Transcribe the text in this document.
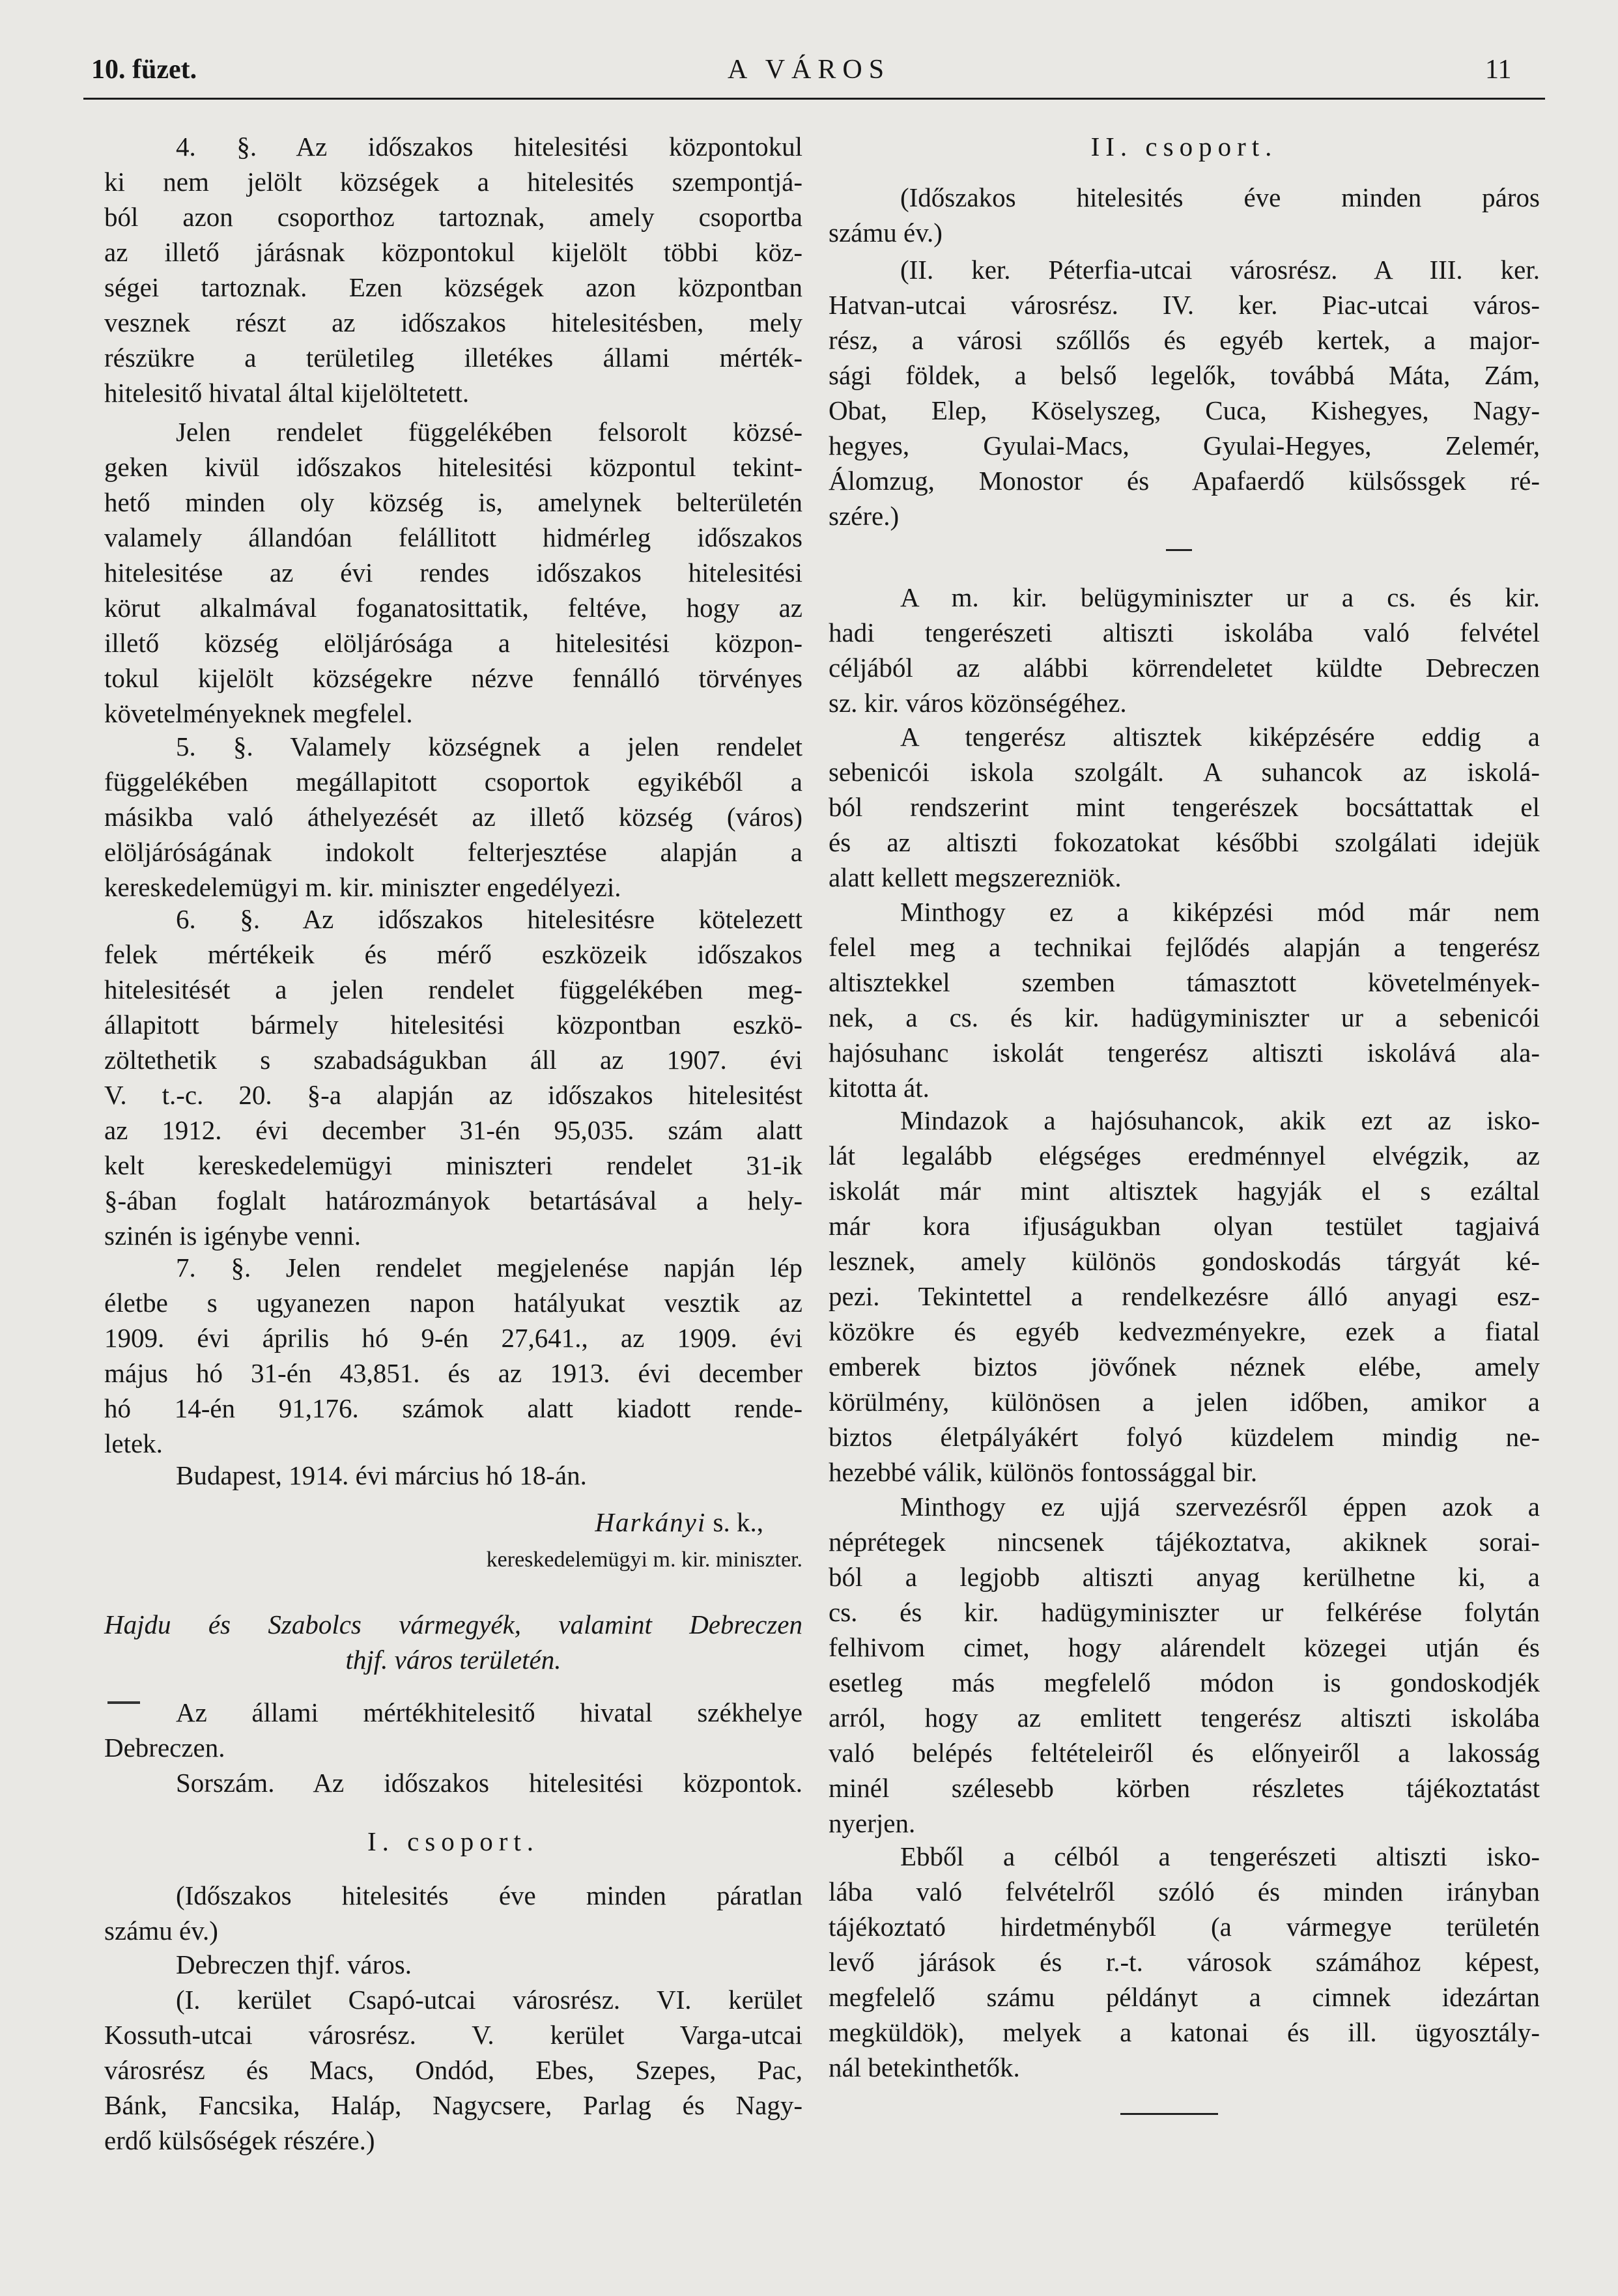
10. füzet.	A VÁROS	11
4. §. Az időszakos hitelesitési központokul
ki nem jelölt községek a hitelesités szempontjá-
ból azon csoporthoz tartoznak, amely csoportba
az illető járásnak központokul kijelölt többi köz-
ségei tartoznak. Ezen községek azon központban
vesznek részt az időszakos hitelesitésben, mely
részükre a területileg illetékes állami mérték-
hitelesitő hivatal által kijelöltetett.
Jelen rendelet függelékében felsorolt közsé-
geken kivül időszakos hitelesitési központul tekint-
hető minden oly község is, amelynek belterületén
valamely állandóan felállitott hidmérleg időszakos
hitelesitése az évi rendes időszakos hitelesitési
körut alkalmával foganatosittatik, feltéve, hogy az
illető község elöljárósága a hitelesitési közpon-
tokul kijelölt községekre nézve fennálló törvényes
követelményeknek megfelel.
5. §. Valamely községnek a jelen rendelet
függelékében megállapitott csoportok egyikéből a
másikba való áthelyezését az illető község (város)
elöljáróságának indokolt felterjesztése alapján a
kereskedelemügyi m. kir. miniszter engedélyezi.
6. §. Az időszakos hitelesitésre kötelezett
felek mértékeik és mérő eszközeik időszakos
hitelesitését a jelen rendelet függelékében meg-
állapitott bármely hitelesitési központban eszkö-
zöltethetik s szabadságukban áll az 1907. évi
V. t.-c. 20. §-a alapján az időszakos hitelesitést
az 1912. évi december 31-én 95,035. szám alatt
kelt kereskedelemügyi miniszteri rendelet 31-ik
§-ában foglalt határozmányok betartásával a hely-
szinén is igénybe venni.
7. §. Jelen rendelet megjelenése napján lép
életbe s ugyanezen napon hatályukat vesztik az
1909. évi április hó 9-én 27,641., az 1909. évi
május hó 31-én 43,851. és az 1913. évi december
hó 14-én 91,176. számok alatt kiadott rende-
letek.
Budapest, 1914. évi március hó 18-án.
Harkányi s. k.,
kereskedelemügyi m. kir. miniszter.
Hajdu és Szabolcs vármegyék, valamint Debreczen
thjf. város területén.
Az állami mértékhitelesitő hivatal székhelye
Debreczen.
Sorszám. Az időszakos hitelesitési központok.
I. csoport.
(Időszakos hitelesités éve minden páratlan
számu év.)
Debreczen thjf. város.
(I. kerület Csapó-utcai városrész. VI. kerület
Kossuth-utcai városrész. V. kerület Varga-utcai
városrész és Macs, Ondód, Ebes, Szepes, Pac,
Bánk, Fancsika, Haláp, Nagycsere, Parlag és Nagy-
erdő külsőségek részére.)
II. csoport.
(Időszakos hitelesités éve minden páros
számu év.)
(II. ker. Péterfia-utcai városrész. A III. ker.
Hatvan-utcai városrész. IV. ker. Piac-utcai város-
rész, a városi szőllős és egyéb kertek, a major-
sági földek, a belső legelők, továbbá Máta, Zám,
Obat, Elep, Köselyszeg, Cuca, Kishegyes, Nagy-
hegyes, Gyulai-Macs, Gyulai-Hegyes, Zelemér,
Álomzug, Monostor és Apafaerdő külsőssgek ré-
szére.)
A m. kir. belügyminiszter ur a cs. és kir.
hadi tengerészeti altiszti iskolába való felvétel
céljából az alábbi körrendeletet küldte Debreczen
sz. kir. város közönségéhez.
A tengerész altisztek kiképzésére eddig a
sebenicói iskola szolgált. A suhancok az iskolá-
ból rendszerint mint tengerészek bocsáttattak el
és az altiszti fokozatokat későbbi szolgálati idejük
alatt kellett megszerezniök.
Minthogy ez a kiképzési mód már nem
felel meg a technikai fejlődés alapján a tengerész
altisztekkel szemben támasztott követelmények-
nek, a cs. és kir. hadügyminiszter ur a sebenicói
hajósuhanc iskolát tengerész altiszti iskolává ala-
kitotta át.
Mindazok a hajósuhancok, akik ezt az isko-
lát legalább elégséges eredménnyel elvégzik, az
iskolát már mint altisztek hagyják el s ezáltal
már kora ifjuságukban olyan testület tagjaivá
lesznek, amely különös gondoskodás tárgyát ké-
pezi. Tekintettel a rendelkezésre álló anyagi esz-
közökre és egyéb kedvezményekre, ezek a fiatal
emberek biztos jövőnek néznek elébe, amely
körülmény, különösen a jelen időben, amikor a
biztos életpályákért folyó küzdelem mindig ne-
hezebbé válik, különös fontossággal bir.
Minthogy ez ujjá szervezésről éppen azok a
néprétegek nincsenek tájékoztatva, akiknek sorai-
ból a legjobb altiszti anyag kerülhetne ki, a
cs. és kir. hadügyminiszter ur felkérése folytán
felhivom cimet, hogy alárendelt közegei utján és
esetleg más megfelelő módon is gondoskodjék
arról, hogy az emlitett tengerész altiszti iskolába
való belépés feltételeiről és előnyeiről a lakosság
minél szélesebb körben részletes tájékoztatást
nyerjen.
Ebből a célból a tengerészeti altiszti isko-
lába való felvételről szóló és minden irányban
tájékoztató hirdetményből (a vármegye területén
levő járások és r.-t. városok számához képest,
megfelelő számu példányt a cimnek idezártan
megküldök), melyek a katonai és ill. ügyosztály-
nál betekinthetők.
